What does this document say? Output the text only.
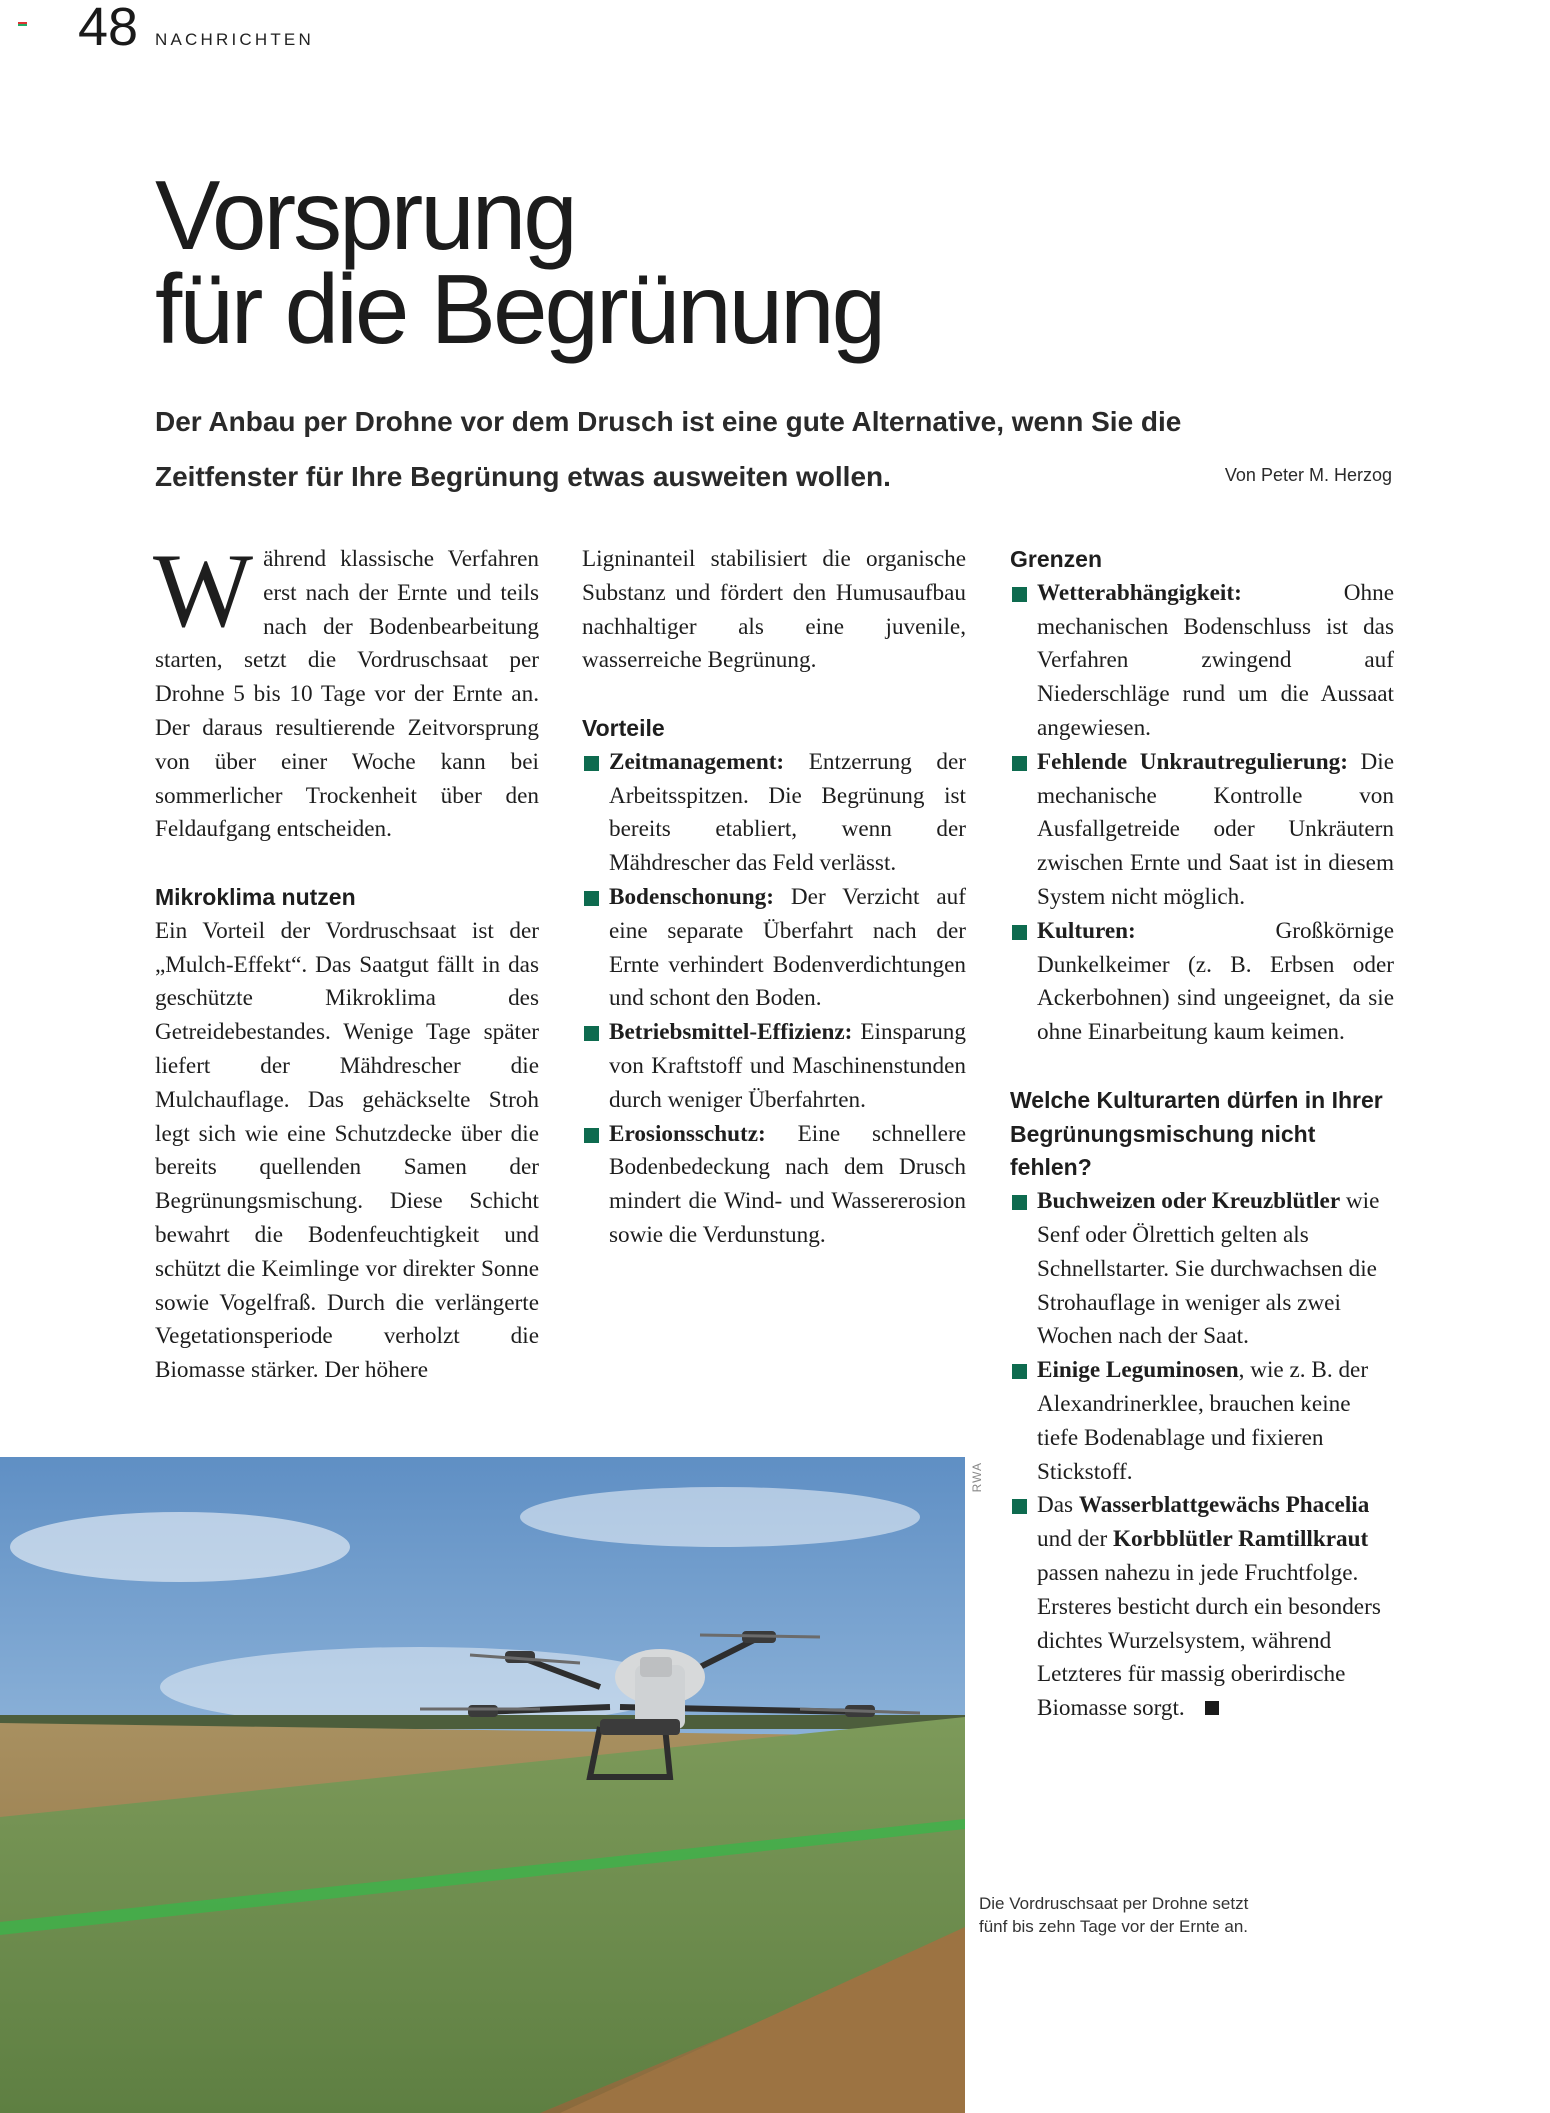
48 NACHRICHTEN
Vorsprung
für die Begrünung

Der Anbau per Drohne vor dem Drusch ist eine gute Alternative, wenn Sie die Zeitfenster für Ihre Begrünung etwas ausweiten wollen.	Von Peter M. Herzog

Während klassische Verfahren erst nach der Ernte und teils nach der Bodenbearbeitung starten, setzt die Vordruschsaat per Drohne 5 bis 10 Tage vor der Ernte an. Der daraus resultierende Zeitvorsprung von über einer Woche kann bei sommerlicher Trockenheit über den Feldaufgang entscheiden.

Mikroklima nutzen

Ein Vorteil der Vordruschsaat ist der „Mulch-Effekt“. Das Saatgut fällt in das geschützte Mikroklima des Getreidebestandes. Wenige Tage später liefert der Mähdrescher die Mulchauflage. Das gehäckselte Stroh legt sich wie eine Schutzdecke über die bereits quellenden Samen der Begrünungsmischung. Diese Schicht bewahrt die Bodenfeuchtigkeit und schützt die Keimlinge vor direkter Sonne sowie Vogelfraß. Durch die verlängerte Vegetationsperiode verholzt die Biomasse stärker. Der höhere

Ligninanteil stabilisiert die organische Substanz und fördert den Humusaufbau nachhaltiger als eine juvenile, wasserreiche Begrünung.

Vorteile
Zeitmanagement: Entzerrung der Arbeitsspitzen. Die Begrünung ist bereits etabliert, wenn der Mähdrescher das Feld verlässt.
Bodenschonung: Der Verzicht auf eine separate Überfahrt nach der Ernte verhindert Bodenverdichtungen und schont den Boden.
Betriebsmittel-Effizienz: Einsparung von Kraftstoff und Maschinenstunden durch weniger Überfahrten.
Erosionsschutz: Eine schnellere Bodenbedeckung nach dem Drusch mindert die Wind- und Wassererosion sowie die Verdunstung.
Grenzen
Wetterabhängigkeit:	Ohne mechanischen Bodenschluss ist das Verfahren zwingend auf Niederschläge rund um die Aussaat angewiesen.
Fehlende Unkrautregulierung: Die mechanische Kontrolle von Ausfallgetreide oder Unkräutern zwischen Ernte und Saat ist in diesem System nicht möglich.
Kulturen:	Großkörnige Dunkelkeimer (z. B. Erbsen oder Ackerbohnen) sind ungeeignet, da sie ohne Einarbeitung kaum keimen.
Welche Kulturarten dürfen in Ihrer Begrünungsmischung nicht fehlen?
Buchweizen oder Kreuzblütler wie Senf oder Ölrettich gelten als Schnellstarter. Sie durchwachsen die Strohauflage in weniger als zwei Wochen nach der Saat.
Einige Leguminosen, wie z. B. der Alexandrinerklee, brauchen keine tiefe Bodenablage und fixieren Stickstoff.
Das Wasserblattgewächs Phacelia und der Korbblütler Ramtillkraut passen nahezu in jede Fruchtfolge. Ersteres besticht durch ein besonders dichtes Wurzelsystem, während Letzteres für massig oberirdische Biomasse sorgt.
RWA

Die Vordruschsaat per Drohne setzt fünf bis zehn Tage vor der Ernte an.
